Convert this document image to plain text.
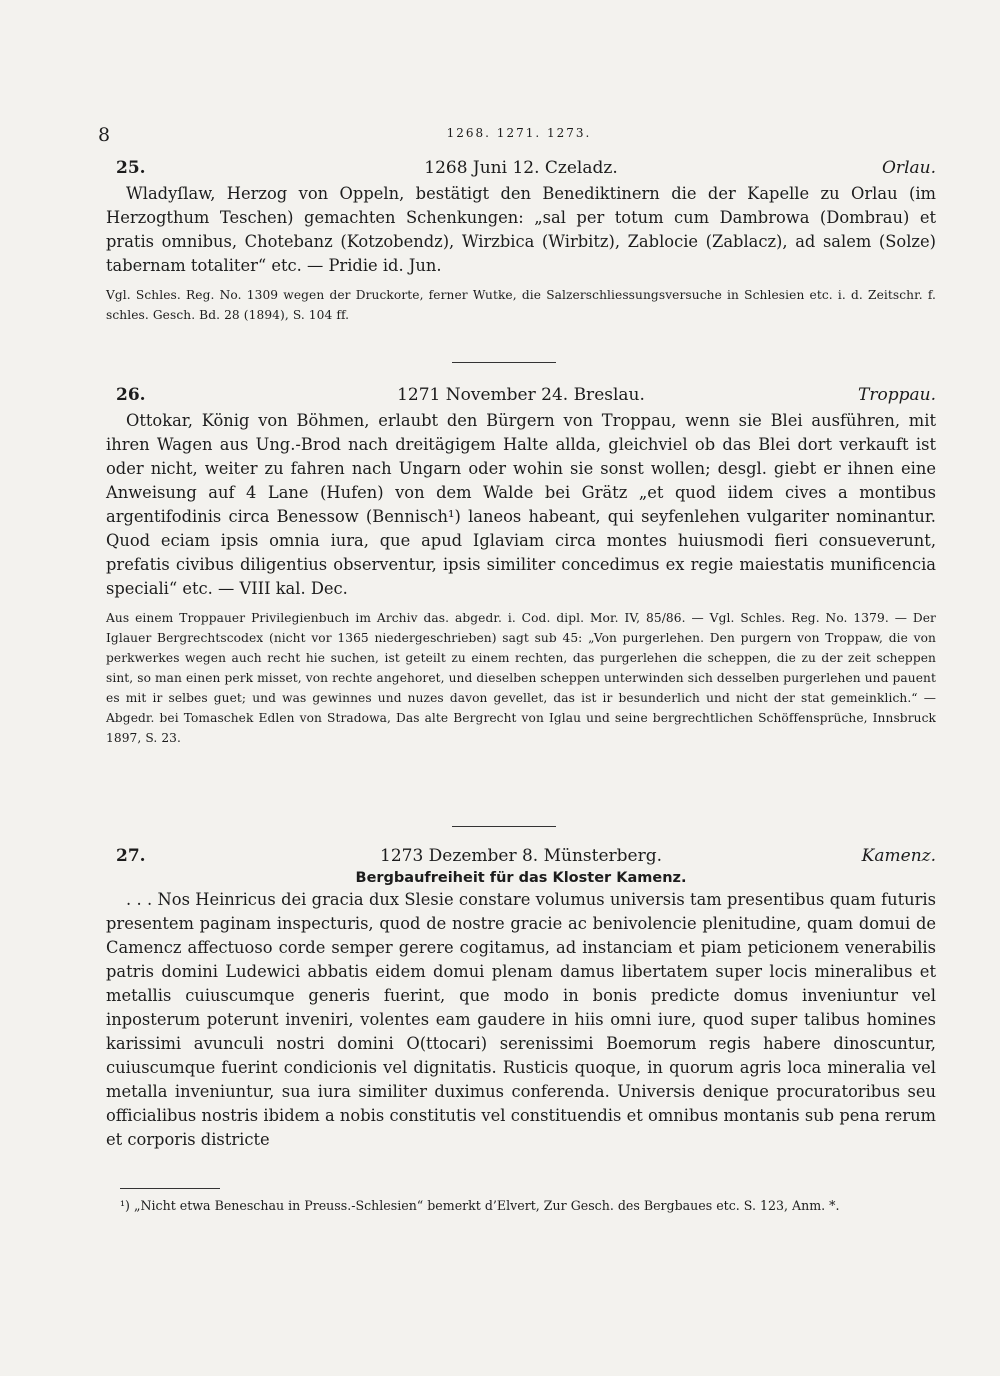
8	1268. 1271. 1273.
25.	1268 Juni 12. Czeladz.	Orlau.

Wladyſlaw, Herzog von Oppeln, bestätigt den Benediktinern die der Kapelle zu Orlau (im Herzogthum Teschen) gemachten Schenkungen: „sal per totum cum Dambrowa (Dombrau) et pratis omnibus, Chotebanz (Kotzobendz), Wirzbica (Wirbitz), Zablocie (Zablacz), ad salem (Solze) tabernam totaliter“ etc. — Pridie id. Jun.

Vgl. Schles. Reg. No. 1309 wegen der Druckorte, ferner Wutke, die Salzerschliessungsversuche in Schlesien etc. i. d. Zeitschr. f. schles. Gesch. Bd. 28 (1894), S. 104 ff.

26.	1271 November 24. Breslau.	Troppau.

Ottokar, König von Böhmen, erlaubt den Bürgern von Troppau, wenn sie Blei ausführen, mit ihren Wagen aus Ung.-Brod nach dreitägigem Halte allda, gleichviel ob das Blei dort verkauft ist oder nicht, weiter zu fahren nach Ungarn oder wohin sie sonst wollen; desgl. giebt er ihnen eine Anweisung auf 4 Lane (Hufen) von dem Walde bei Grätz „et quod iidem cives a montibus argentifodinis circa Benessow (Bennisch¹) laneos habeant, qui seyfenlehen vulgariter nominantur. Quod eciam ipsis omnia iura, que apud Iglaviam circa montes huiusmodi fieri consueverunt, prefatis civibus diligentius observentur, ipsis similiter concedimus ex regie maiestatis munificencia speciali“ etc. — VIII kal. Dec.

Aus einem Troppauer Privilegienbuch im Archiv das. abgedr. i. Cod. dipl. Mor. IV, 85/86. — Vgl. Schles. Reg. No. 1379. — Der Iglauer Bergrechtscodex (nicht vor 1365 niedergeschrieben) sagt sub 45: „Von purgerlehen. Den purgern von Troppaw, die von perkwerkes wegen auch recht hie suchen, ist geteilt zu einem rechten, das purgerlehen die scheppen, die zu der zeit scheppen sint, so man einen perk misset, von rechte angehoret, und dieselben scheppen unterwinden sich desselben purgerlehen und pauent es mit ir selbes guet; und was gewinnes und nuzes davon gevellet, das ist ir besunderlich und nicht der stat gemeinklich.“ — Abgedr. bei Tomaschek Edlen von Stradowa, Das alte Bergrecht von Iglau und seine bergrechtlichen Schöffensprüche, Innsbruck 1897, S. 23.

27.	1273 Dezember 8. Münsterberg.	Kamenz.

Bergbaufreiheit für das Kloster Kamenz.

. . . Nos Heinricus dei gracia dux Slesie constare volumus universis tam presentibus quam futuris presentem paginam inspecturis, quod de nostre gracie ac benivolencie plenitudine, quam domui de Camencz affectuoso corde semper gerere cogitamus, ad instanciam et piam peticionem venerabilis patris domini Ludewici abbatis eidem domui plenam damus libertatem super locis mineralibus et metallis cuiuscumque generis fuerint, que modo in bonis predicte domus inveniuntur vel inposterum poterunt inveniri, volentes eam gaudere in hiis omni iure, quod super talibus homines karissimi avunculi nostri domini O(ttocari) serenissimi Boemorum regis habere dinoscuntur, cuiuscumque fuerint condicionis vel dignitatis. Rusticis quoque, in quorum agris loca mineralia vel metalla inveniuntur, sua iura similiter duximus conferenda. Universis denique procuratoribus seu officialibus nostris ibidem a nobis constitutis vel constituendis et omnibus montanis sub pena rerum et corporis districte

¹) „Nicht etwa Beneschau in Preuss.-Schlesien“ bemerkt d’Elvert, Zur Gesch. des Bergbaues etc. S. 123, Anm. *.
